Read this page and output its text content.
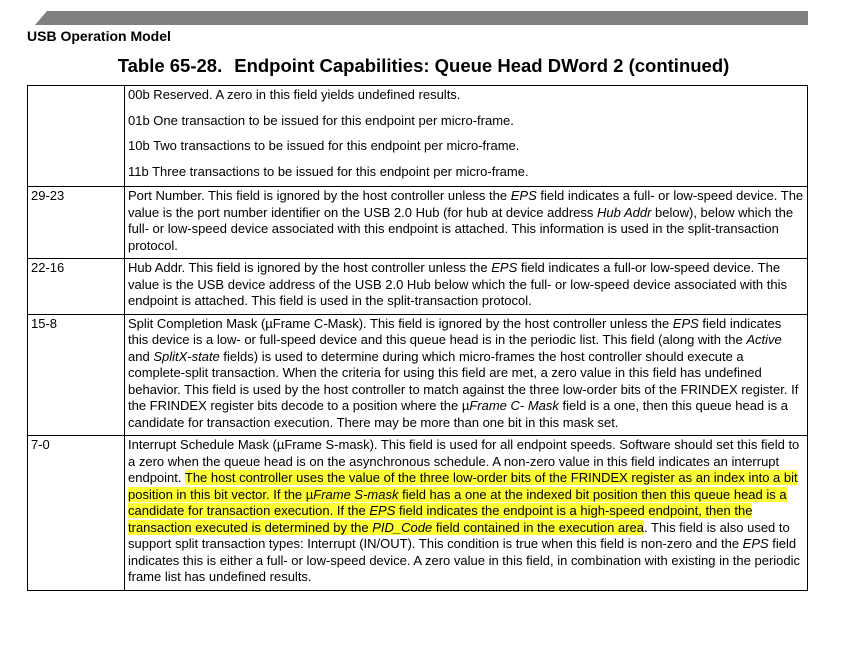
USB Operation Model
Table 65-28. Endpoint Capabilities: Queue Head DWord 2 (continued)

	00b Reserved. A zero in this field yields undefined results.

01b One transaction to be issued for this endpoint per micro-frame.

10b Two transactions to be issued for this endpoint per micro-frame.

11b Three transactions to be issued for this endpoint per micro-frame.

29-23	Port Number. This field is ignored by the host controller unless the EPS field indicates a full- or low-speed device. The value is the port number identifier on the USB 2.0 Hub (for hub at device address Hub Addr below), below which the full- or low-speed device associated with this endpoint is attached. This information is used in the split-transaction protocol.
22-16	Hub Addr. This field is ignored by the host controller unless the EPS field indicates a full-or low-speed device. The value is the USB device address of the USB 2.0 Hub below which the full- or low-speed device associated with this endpoint is attached. This field is used in the split-transaction protocol.
15-8	Split Completion Mask (µFrame C-Mask). This field is ignored by the host controller unless the EPS field indicates this device is a low- or full-speed device and this queue head is in the periodic list. This field (along with the Active and SplitX-state fields) is used to determine during which micro-frames the host controller should execute a complete-split transaction. When the criteria for using this field are met, a zero value in this field has undefined behavior. This field is used by the host controller to match against the three low-order bits of the FRINDEX register. If the FRINDEX register bits decode to a position where the µFrame C- Mask field is a one, then this queue head is a candidate for transaction execution. There may be more than one bit in this mask set.
7-0	Interrupt Schedule Mask (µFrame S-mask). This field is used for all endpoint speeds. Software should set this field to a zero when the queue head is on the asynchronous schedule. A non-zero value in this field indicates an interrupt endpoint. The host controller uses the value of the three low-order bits of the FRINDEX register as an index into a bit position in this bit vector. If the µFrame S-mask field has a one at the indexed bit position then this queue head is a candidate for transaction execution. If the EPS field indicates the endpoint is a high-speed endpoint, then the transaction executed is determined by the PID_Code field contained in the execution area. This field is also used to support split transaction types: Interrupt (IN/OUT). This condition is true when this field is non-zero and the EPS field indicates this is either a full- or low-speed device. A zero value in this field, in combination with existing in the periodic frame list has undefined results.
